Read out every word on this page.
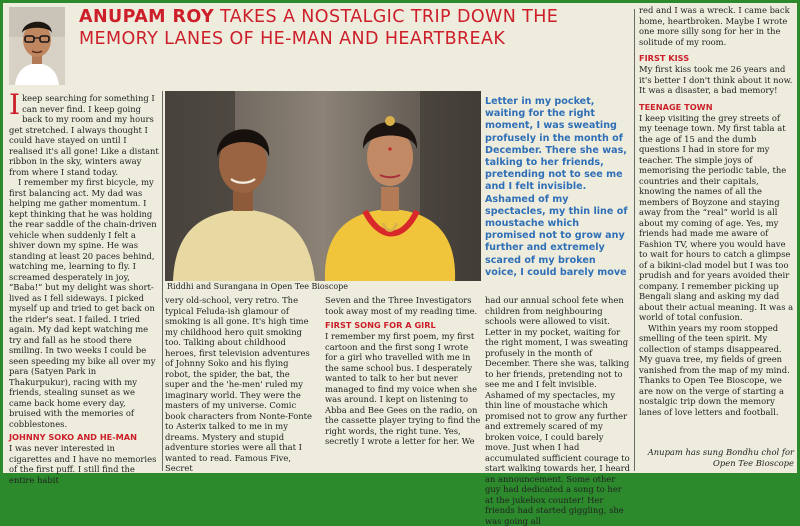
ANUPAM ROY TAKES A NOSTALGIC TRIP DOWN THE
MEMORY LANES OF HE-MAN AND HEARTBREAK

Ikeep searching for something I can never find. I keep going back to my room and my hours get stretched. I always thought I could have stayed on until I realised it's all gone! Like a distant ribbon in the sky, winters away from where I stand today.

I remember my first bicycle, my first balancing act. My dad was helping me gather momentum. I kept thinking that he was holding the rear saddle of the chain-driven vehicle when suddenly I felt a shiver down my spine. He was standing at least 20 paces behind, watching me, learning to fly. I screamed desperately in joy, “Baba!” but my delight was short-lived as I fell sideways. I picked myself up and tried to get back on the rider's seat. I failed. I tried again. My dad kept watching me try and fall as he stood there smiling. In two weeks I could be seen speeding my bike all over my para (Satyen Park in Thakurpukur), racing with my friends, stealing sunset as we came back home every day, bruised with the memories of cobblestones.

JOHNNY SOKO AND HE-MAN

I was never interested in cigarettes and I have no memories of the first puff. I still find the entire habit

Riddhi and Surangana in Open Tee Bioscope

very old-school, very retro. The typical Feluda-ish glamour of smoking is all gone. It's high time my childhood hero quit smoking too. Talking about childhood heroes, first television adventures of Johnny Soko and his flying robot, the spider, the bat, the super and the 'he-men' ruled my imaginary world. They were the masters of my universe. Comic book characters from Nonte-Fonte to Asterix talked to me in my dreams. Mystery and stupid adventure stories were all that I wanted to read. Famous Five, Secret

Seven and the Three Investigators took away most of my reading time.

FIRST SONG FOR A GIRL

I remember my first poem, my first cartoon and the first song I wrote for a girl who travelled with me in the same school bus. I desperately wanted to talk to her but never managed to find my voice when she was around. I kept on listening to Abba and Bee Gees on the radio, on the cassette player trying to find the right words, the right tune. Yes, secretly I wrote a letter for her. We

Letter in my pocket, waiting for the right moment, I was sweating profusely in the month of December. There she was, talking to her friends, pretending not to see me and I felt invisible. Ashamed of my spectacles, my thin line of moustache which promised not to grow any further and extremely scared of my broken voice, I could barely move

had our annual school fete when children from neighbouring schools were allowed to visit. Letter in my pocket, waiting for the right moment, I was sweating profusely in the month of December. There she was, talking to her friends, pretending not to see me and I felt invisible. Ashamed of my spectacles, my thin line of moustache which promised not to grow any further and extremely scared of my broken voice, I could barely move. Just when I had accumulated sufficient courage to start walking towards her, I heard an announcement. Some other guy had dedicated a song to her at the jukebox counter! Her friends had started giggling, she was going all

red and I was a wreck. I came back home, heartbroken. Maybe I wrote one more silly song for her in the solitude of my room.

FIRST KISS

My first kiss took me 26 years and it's better I don't think about it now. It was a disaster, a bad memory!

TEENAGE TOWN

I keep visiting the grey streets of my teenage town. My first tabla at the age of 15 and the dumb questions I had in store for my teacher. The simple joys of memorising the periodic table, the countries and their capitals, knowing the names of all the members of Boyzone and staying away from the “real” world is all about my coming of age. Yes, my friends had made me aware of Fashion TV, where you would have to wait for hours to catch a glimpse of a bikini-clad model but I was too prudish and for years avoided their company. I remember picking up Bengali slang and asking my dad about their actual meaning. It was a world of total confusion.

Within years my room stopped smelling of the teen spirit. My collection of stamps disappeared. My guava tree, my fields of green vanished from the map of my mind. Thanks to Open Tee Bioscope, we are now on the verge of starting a nostalgic trip down the memory lanes of love letters and football.

Anupam has sung Bondhu chol for
Open Tee Bioscope
